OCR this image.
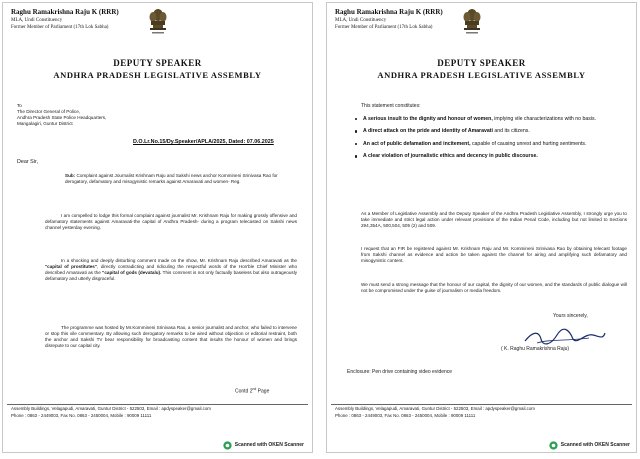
Raghu Ramakrishna Raju K (RRR)
MLA, Undi Constituency
Former Member of Parliament (17th Lok Sabha)
DEPUTY SPEAKER
ANDHRA PRADESH LEGISLATIVE ASSEMBLY
To
The Director General of Police,
Andhra Pradesh State Police Headquarters,
Mangalagiri, Guntur District
D.O.Lr.No.15/Dy.Speaker/APLA/2025, Dated: 07.06.2025
Dear Sir,
Sub: Complaint against Journalist Krishnam Raju and Sakshi news anchor Kommineni Srinivasa Rao for derogatory, defamatory and misogynistic remarks against Amaravati and women- Reg.
I am compelled to lodge this formal complaint against journalist Mr. Krishnam Raju for making grossly offensive and defamatory statements against Amaravati-the capital of Andhra Pradesh- during a program telecasted on Sakshi news channel yesterday evening.
In a shocking and deeply disturbing comment made on the show, Mr. Krishnam Raju described Amaravati as the "capital of prostitutes", directly contradicting and ridiculing the respectful words of the Hon'ble Chief Minister who described Amaravati as the "capital of gods (devatalu). This comment is not only factually baseless but also outrageously defamatory and utterly disgraceful.
The programme was hosted by Mr.Kommineni Srinivasa Rao, a senior journalist and anchor, who failed to intervene or stop this vile commentary. By allowing such derogatory remarks to be aired without objection or editorial restraint, both the anchor and Sakshi TV bear responsibility for broadcasting content that insults the honour of women and brings disrepute to our capital city.
Contd 2nd Page
Assembly Buildings, Velagapudi, Amaravati, Guntur District - 522503, Email : apdyspeaker@gmail.com
Phone : 0863 - 2449003, Fax No. 0863 - 2450004, Mobile : 90009 11111
Scanned with OKEN Scanner
Raghu Ramakrishna Raju K (RRR)
MLA, Undi Constituency
Former Member of Parliament (17th Lok Sabha)
DEPUTY SPEAKER
ANDHRA PRADESH LEGISLATIVE ASSEMBLY
This statement constitutes:
A serious insult to the dignity and honour of women, implying vile characterizations with no basis.
A direct attack on the pride and identity of Amaravati and its citizens.
An act of public defamation and incitement, capable of causing unrest and hurting sentiments.
A clear violation of journalistic ethics and decency in public discourse.
As a Member of Legislative Assembly and the Deputy Speaker of the Andhra Pradesh Legislative Assembly, I strongly urge you to take immediate and strict legal action under relevant provisions of the Indian Penal Code, including but not limited to Sections 294,354A, 500,504, 505 (2) and 509.
I request that an FIR be registered against Mr. Krishnam Raju and Mr. Kommineni Srinivasa Rao by obtaining telecast footage from Sakshi channel as evidence and action be taken against the channel for airing and amplifying such defamatory and misogynistic content.
We must send a strong message that the honour of our capital, the dignity of our women, and the standards of public dialogue will not be compromised under the guise of journalism or media freedom.
Yours sincerely,
( K. Raghu Ramakrishna Raju)
Enclosure: Pen drive containing video evidence
Assembly Buildings, Velagapudi, Amaravati, Guntur District - 522503, Email : apdyspeaker@gmail.com
Phone : 0863 - 2449003, Fax No. 0863 - 2450004, Mobile : 90009 11111
Scanned with OKEN Scanner
